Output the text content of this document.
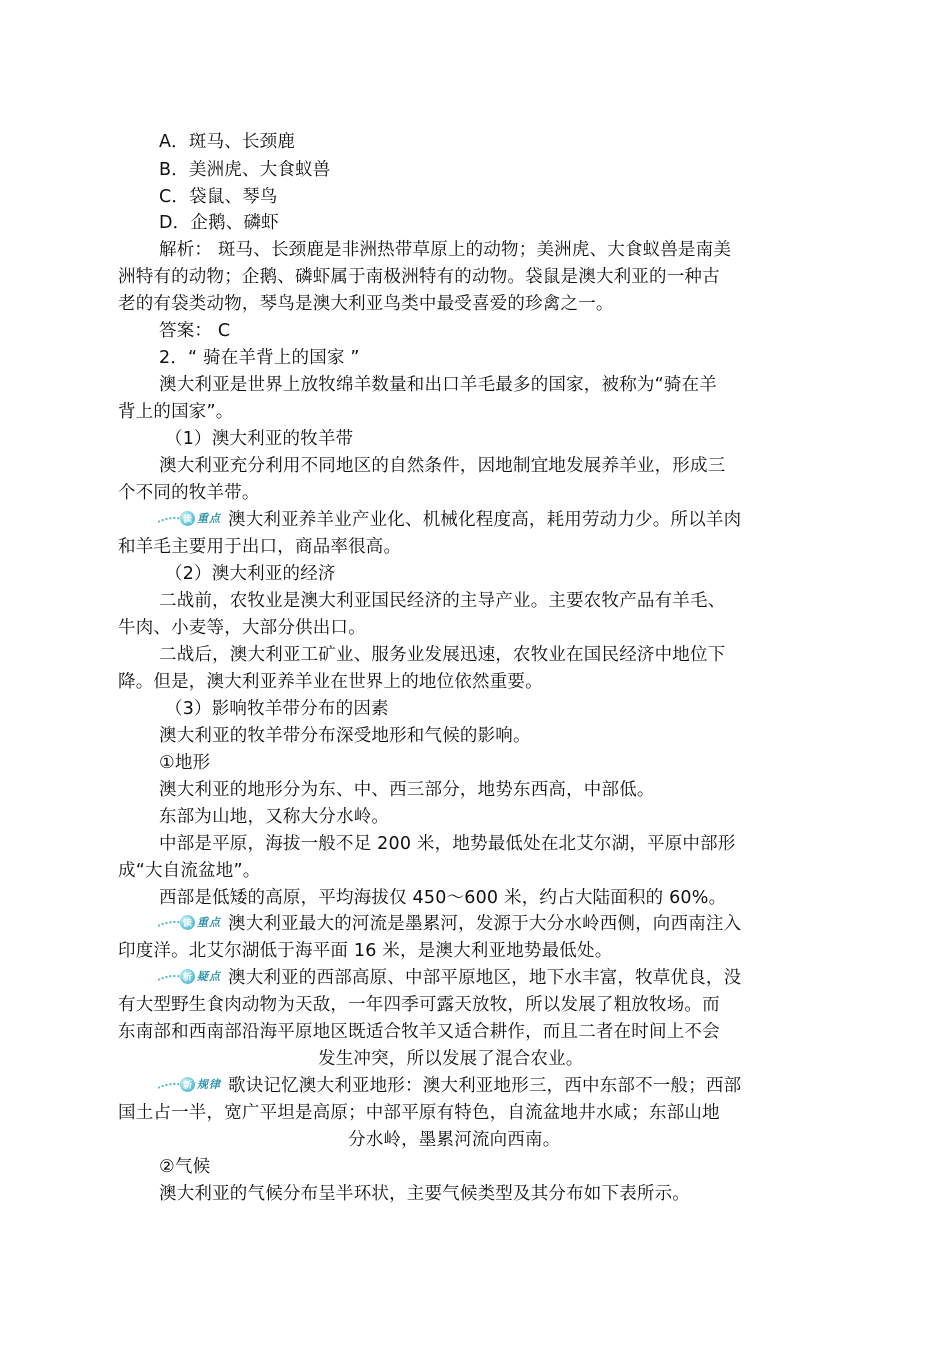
A．斑马、长颈鹿
B．美洲虎、大食蚁兽
C．袋鼠、琴鸟
D．企鹅、磷虾
解析： 斑马、长颈鹿是非洲热带草原上的动物；美洲虎、大食蚁兽是南美
洲特有的动物；企鹅、磷虾属于南极洲特有的动物。袋鼠是澳大利亚的一种古
老的有袋类动物，琴鸟是澳大利亚鸟类中最受喜爱的珍禽之一。
答案： C
2．“ 骑在羊背上的国家 ”
澳大利亚是世界上放牧绵羊数量和出口羊毛最多的国家，被称为“骑在羊
背上的国家”。
（1）澳大利亚的牧羊带
澳大利亚充分利用不同地区的自然条件，因地制宜地发展养羊业，形成三
个不同的牧羊带。
读 重点 澳大利亚养羊业产业化、机械化程度高，耗用劳动力少。所以羊肉
和羊毛主要用于出口，商品率很高。
（2）澳大利亚的经济
二战前，农牧业是澳大利亚国民经济的主导产业。主要农牧产品有羊毛、
牛肉、小麦等，大部分供出口。
二战后，澳大利亚工矿业、服务业发展迅速，农牧业在国民经济中地位下
降。但是，澳大利亚养羊业在世界上的地位依然重要。
（3）影响牧羊带分布的因素
澳大利亚的牧羊带分布深受地形和气候的影响。
①地形
澳大利亚的地形分为东、中、西三部分，地势东西高，中部低。
东部为山地，又称大分水岭。
中部是平原，海拔一般不足 200 米，地势最低处在北艾尔湖，平原中部形
成“大自流盆地”。
西部是低矮的高原，平均海拔仅 450～600 米，约占大陆面积的 60%。
读 重点 澳大利亚最大的河流是墨累河，发源于大分水岭西侧，向西南注入
印度洋。北艾尔湖低于海平面 16 米，是澳大利亚地势最低处。
析 疑点 澳大利亚的西部高原、中部平原地区，地下水丰富，牧草优良，没
有大型野生食肉动物为天敌，一年四季可露天放牧，所以发展了粗放牧场。而
东南部和西南部沿海平原地区既适合牧羊又适合耕作，而且二者在时间上不会
发生冲突，所以发展了混合农业。
新 规律 歌诀记忆澳大利亚地形：澳大利亚地形三，西中东部不一般；西部
国土占一半，宽广平坦是高原；中部平原有特色，自流盆地井水咸；东部山地
分水岭，墨累河流向西南。
②气候
澳大利亚的气候分布呈半环状，主要气候类型及其分布如下表所示。
